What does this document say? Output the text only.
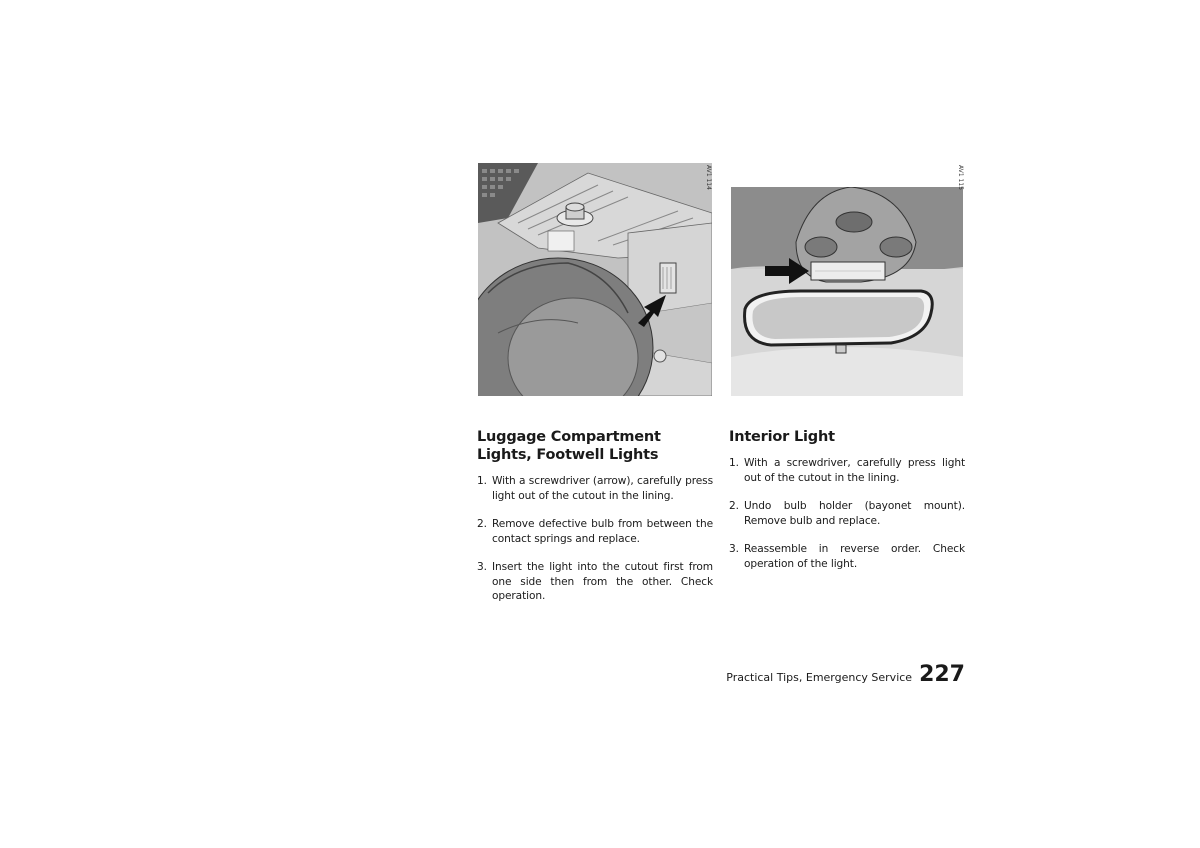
AV1 114	AV1 115
Luggage Compartment Lights, Footwell Lights
1. With a screwdriver (arrow), carefully press light out of the cutout in the lining.
2. Remove defective bulb from between the contact springs and replace.
3. Insert the light into the cutout first from one side then from the other. Check operation.
Interior Light
1. With a screwdriver, carefully press light out of the cutout in the lining.
2. Undo bulb holder (bayonet mount). Remove bulb and replace.
3. Reassemble in reverse order. Check operation of the light.
Practical Tips, Emergency Service 227
